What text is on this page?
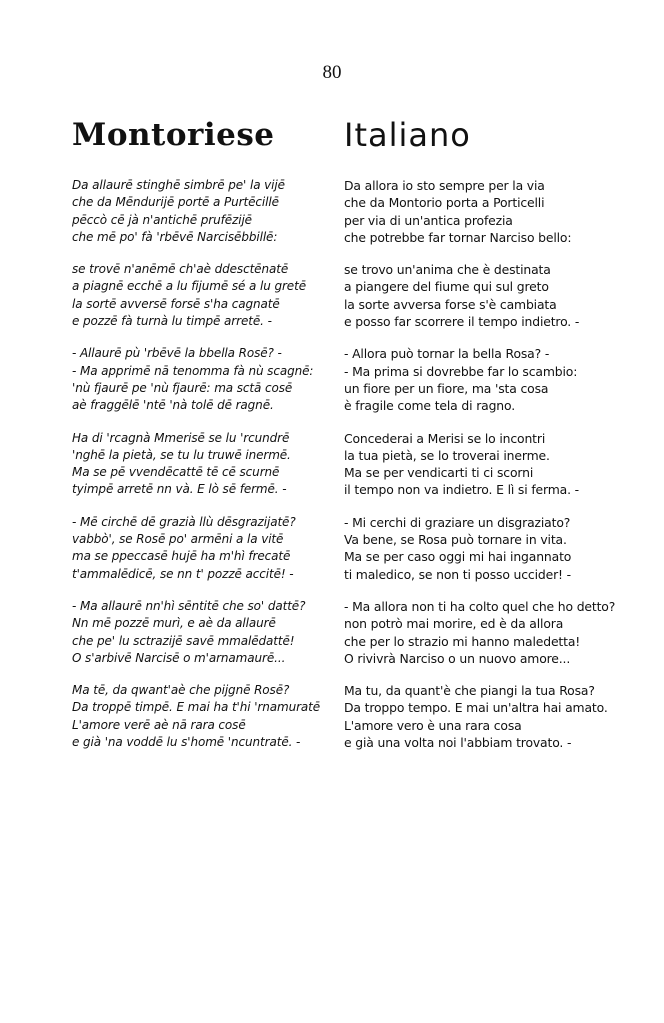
80
Montoriese
Da allaurē stinghē simbrē pe' la vijē
che da Mēndurijē portē a Purtēcillē
pēccò cē jà n'antichē prufēzijē
che mē po' fà 'rbēvē Narcisēbbillē:
se trovē n'anēmē ch'aè ddesctēnatē
a piagnē ecchē a lu fijumē sé a lu gretē
la sortē avversē forsē s'ha cagnatē
e pozzē fà turnà lu timpē arretē. -
- Allaurē pù 'rbēvē la bbella Rosē? -
- Ma apprimē nā tenomma fà nù scagnē:
'nù fjaurē pe 'nù fjaurē: ma sctā cosē
aè fraggēlē 'ntē 'nà tolē dē ragnē.
Ha di 'rcagnà Mmerisē se lu 'rcundrē
'nghē la pietà, se tu lu truwē inermē.
Ma se pē vvendēcattē tē cē scurnē
tyimpē arretē nn và. E lò sē fermē. -
- Mē circhē dē grazià llù dēsgrazijatē?
vabbò', se Rosē po' armēni a la vitē
ma se ppeccasē hujē ha m'hì frecatē
t'ammalēdicē, se nn t' pozzē accitē! -
- Ma allaurē nn'hì sēntitē che so' dattē?
Nn mē pozzē murì, e aè da allaurē
che pe' lu sctrazijē savē mmalēdattē!
O s'arbivē Narcisē o m'arnamaurē...
Ma tē, da qwant'aè che pijgnē Rosē?
Da troppē timpē. E mai ha t'hi 'rnamuratē
L'amore verē aè nā rara cosē
e già 'na voddē lu s'homē 'ncuntratē. -
Italiano
Da allora io sto sempre per la via
che da Montorio porta a Porticelli
per via di un'antica profezia
che potrebbe far tornar Narciso bello:
se trovo un'anima che è destinata
a piangere del fiume qui sul greto
la sorte avversa forse s'è cambiata
e posso far scorrere il tempo indietro. -
- Allora può tornar la bella Rosa? -
- Ma prima si dovrebbe far lo scambio:
un fiore per un fiore, ma 'sta cosa
è fragile come tela di ragno.
Concederai a Merisi se lo incontri
la tua pietà, se lo troverai inerme.
Ma se per vendicarti ti ci scorni
il tempo non va indietro. E lì si ferma. -
- Mi cerchi di graziare un disgraziato?
Va bene, se Rosa può tornare in vita.
Ma se per caso oggi mi hai ingannato
ti maledico, se non ti posso uccider! -
- Ma allora non ti ha colto quel che ho detto?
non potrò mai morire, ed è da allora
che per lo strazio mi hanno maledetta!
O rivivrà Narciso o un nuovo amore...
Ma tu, da quant'è che piangi la tua Rosa?
Da troppo tempo. E mai un'altra hai amato.
L'amore vero è una rara cosa
e già una volta noi l'abbiam trovato. -
